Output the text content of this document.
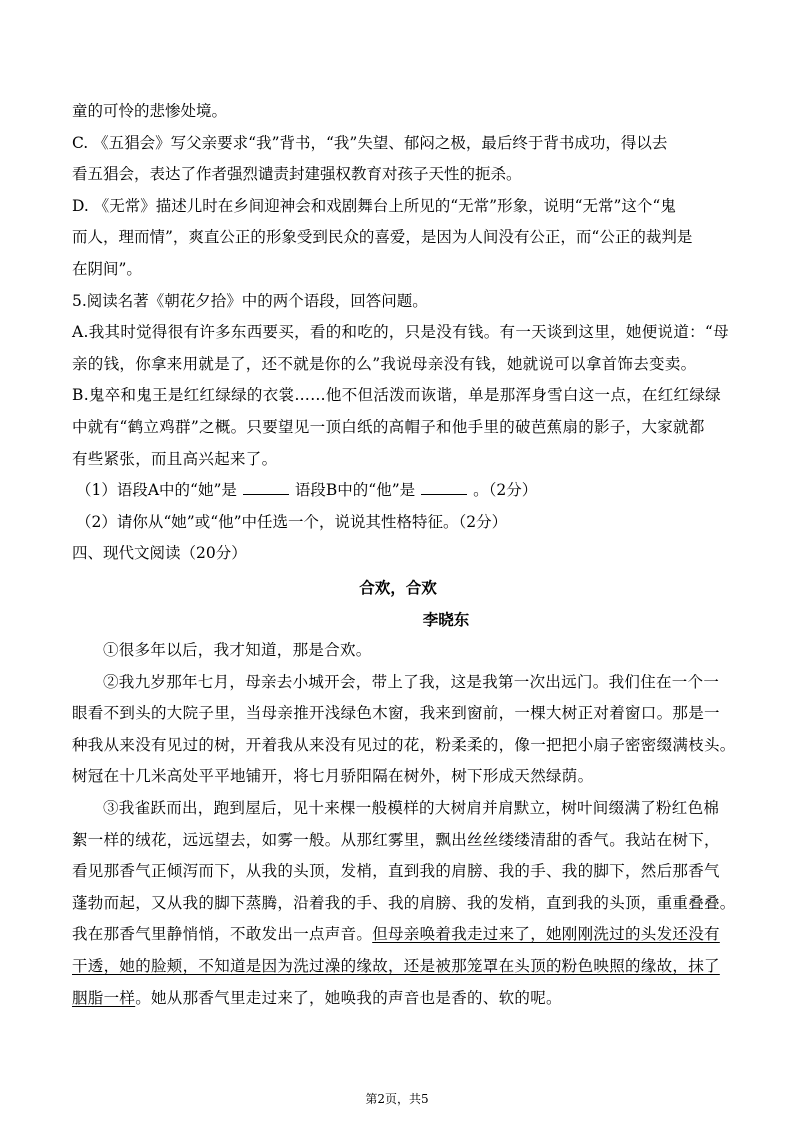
童的可怜的悲惨处境。
C. 《五猖会》写父亲要求“我”背书，“我”失望、郁闷之极，最后终于背书成功，得以去
看五猖会，表达了作者强烈谴责封建强权教育对孩子天性的扼杀。
D. 《无常》描述儿时在乡间迎神会和戏剧舞台上所见的“无常”形象，说明“无常”这个“鬼
而人，理而情”，爽直公正的形象受到民众的喜爱，是因为人间没有公正，而“公正的裁判是
在阴间”。
5.阅读名著《朝花夕拾》中的两个语段，回答问题。
A.我其时觉得很有许多东西要买，看的和吃的，只是没有钱。有一天谈到这里，她便说道：“母
亲的钱，你拿来用就是了，还不就是你的么”我说母亲没有钱，她就说可以拿首饰去变卖。
B.鬼卒和鬼王是红红绿绿的衣裳……他不但活泼而诙谐，单是那浑身雪白这一点，在红红绿绿
中就有“鹤立鸡群”之概。只要望见一顶白纸的高帽子和他手里的破芭蕉扇的影子，大家就都
有些紧张，而且高兴起来了。
（1）语段A中的“她”是	语段B中的“他”是	。（2分）
（2）请你从“她”或“他”中任选一个，说说其性格特征。（2分）
四、现代文阅读（20分）
合欢，合欢
李晓东
①很多年以后，我才知道，那是合欢。
②我九岁那年七月，母亲去小城开会，带上了我，这是我第一次出远门。我们住在一个一
眼看不到头的大院子里，当母亲推开浅绿色木窗，我来到窗前，一棵大树正对着窗口。那是一
种我从来没有见过的树，开着我从来没有见过的花，粉柔柔的，像一把把小扇子密密缀满枝头。
树冠在十几米高处平平地铺开，将七月骄阳隔在树外，树下形成天然绿荫。
③我雀跃而出，跑到屋后，见十来棵一般模样的大树肩并肩默立，树叶间缀满了粉红色棉
絮一样的绒花，远远望去，如雾一般。从那红雾里，飘出丝丝缕缕清甜的香气。我站在树下，
看见那香气正倾泻而下，从我的头顶，发梢，直到我的肩膀、我的手、我的脚下，然后那香气
蓬勃而起，又从我的脚下蒸腾，沿着我的手、我的肩膀、我的发梢，直到我的头顶，重重叠叠。
我在那香气里静悄悄，不敢发出一点声音。但母亲唤着我走过来了，她刚刚洗过的头发还没有
干透，她的脸颊，不知道是因为洗过澡的缘故，还是被那笼罩在头顶的粉色映照的缘故，抹了
胭脂一样。她从那香气里走过来了，她唤我的声音也是香的、软的呢。
第2页，共5
